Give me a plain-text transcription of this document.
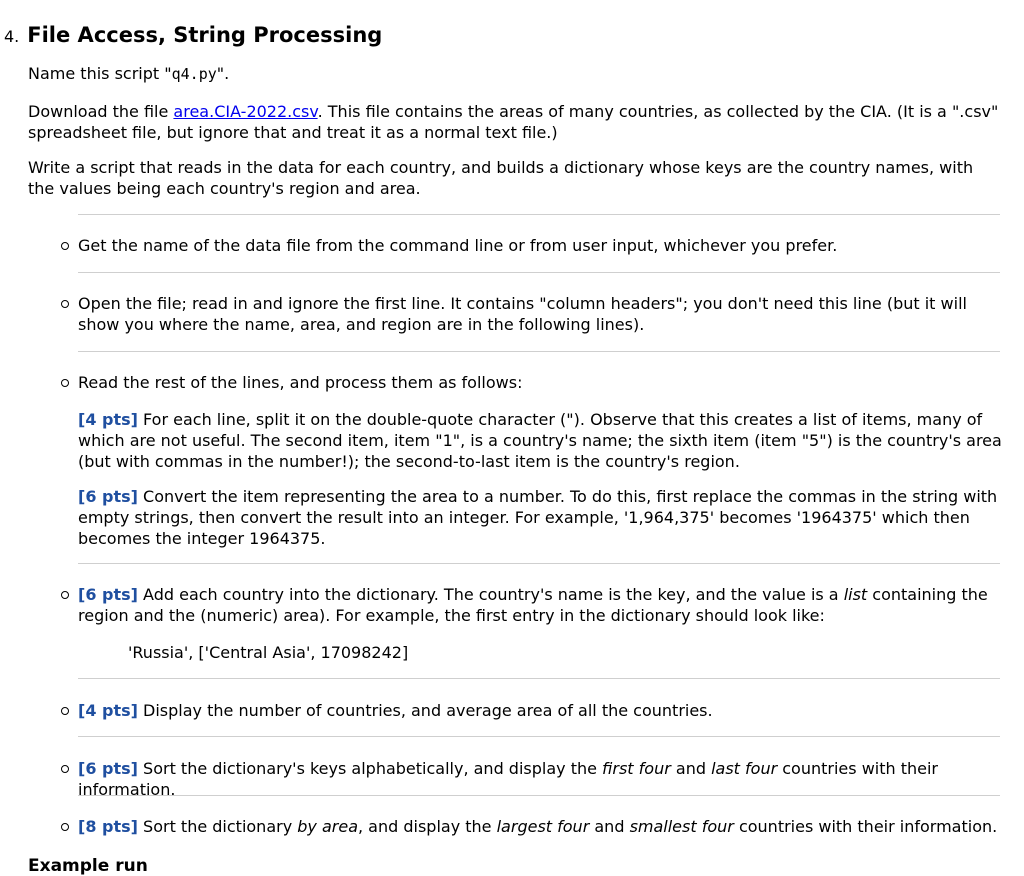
4. File Access, String Processing

Name this script "q4.py".

Download the file area.CIA-2022.csv. This file contains the areas of many countries, as collected by the CIA. (It is a ".csv" spreadsheet file, but ignore that and treat it as a normal text file.)

Write a script that reads in the data for each country, and builds a dictionary whose keys are the country names, with the values being each country's region and area.

Get the name of the data file from the command line or from user input, whichever you prefer.

Open the file; read in and ignore the first line. It contains "column headers"; you don't need this line (but it will show you where the name, area, and region are in the following lines).

Read the rest of the lines, and process them as follows:

[4 pts] For each line, split it on the double-quote character ("). Observe that this creates a list of items, many of which are not useful. The second item, item "1", is a country's name; the sixth item (item "5") is the country's area (but with commas in the number!); the second-to-last item is the country's region.

[6 pts] Convert the item representing the area to a number. To do this, first replace the commas in the string with empty strings, then convert the result into an integer. For example, '1,964,375' becomes '1964375' which then becomes the integer 1964375.

[6 pts] Add each country into the dictionary. The country's name is the key, and the value is a list containing the region and the (numeric) area). For example, the first entry in the dictionary should look like:

'Russia', ['Central Asia', 17098242]

[4 pts] Display the number of countries, and average area of all the countries.

[6 pts] Sort the dictionary's keys alphabetically, and display the first four and last four countries with their information.

[8 pts] Sort the dictionary by area, and display the largest four and smallest four countries with their information.

Example run
